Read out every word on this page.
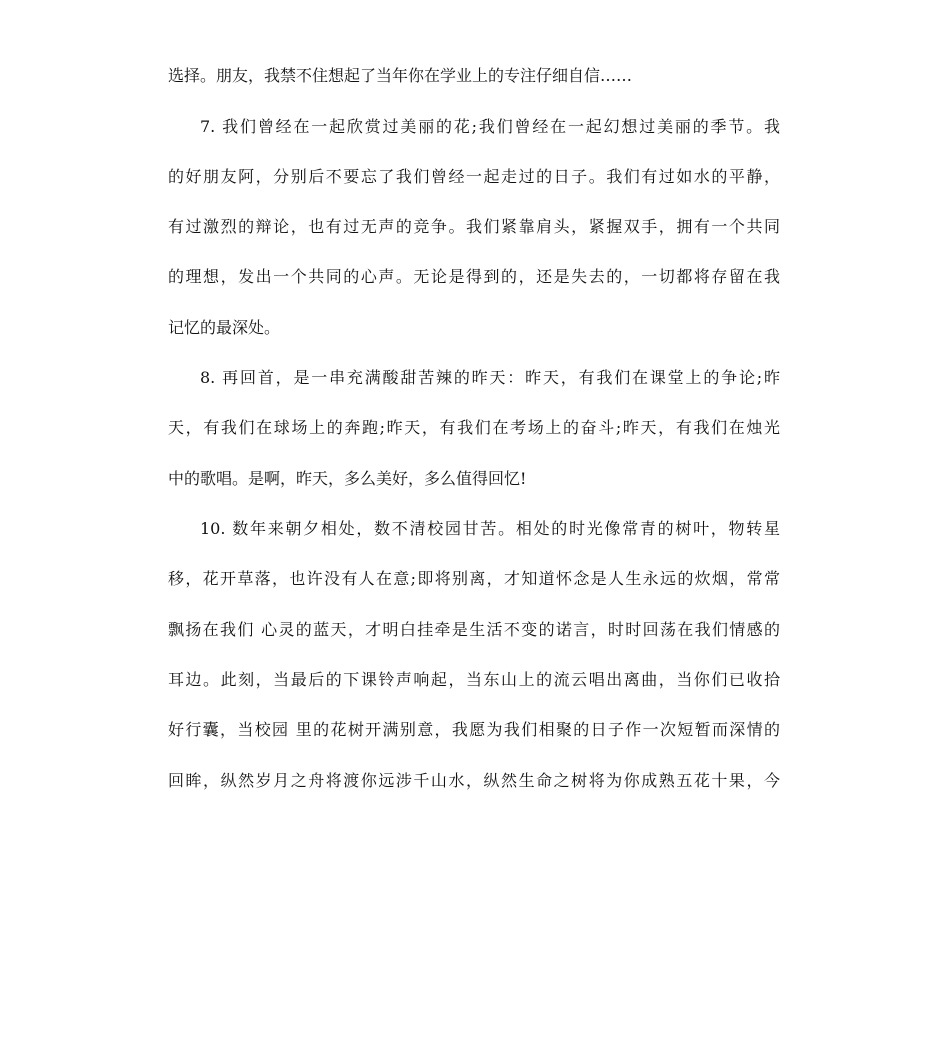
选择。朋友，我禁不住想起了当年你在学业上的专注仔细自信……
7. 我们曾经在一起欣赏过美丽的花;我们曾经在一起幻想过美丽的季节。我
的好朋友阿，分别后不要忘了我们曾经一起走过的日子。我们有过如水的平静，
有过激烈的辩论，也有过无声的竞争。我们紧靠肩头，紧握双手，拥有一个共同
的理想，发出一个共同的心声。无论是得到的，还是失去的，一切都将存留在我
记忆的最深处。
8. 再回首，是一串充满酸甜苦辣的昨天：昨天，有我们在课堂上的争论;昨
天，有我们在球场上的奔跑;昨天，有我们在考场上的奋斗;昨天，有我们在烛光
中的歌唱。是啊，昨天，多么美好，多么值得回忆!
10. 数年来朝夕相处，数不清校园甘苦。相处的时光像常青的树叶，物转星
移，花开草落，也许没有人在意;即将别离，才知道怀念是人生永远的炊烟，常常
飘扬在我们 心灵的蓝天，才明白挂牵是生活不变的诺言，时时回荡在我们情感的
耳边。此刻，当最后的下课铃声响起，当东山上的流云唱出离曲，当你们已收拾
好行囊，当校园 里的花树开满别意，我愿为我们相聚的日子作一次短暂而深情的
回眸，纵然岁月之舟将渡你远涉千山水，纵然生命之树将为你成熟五花十果，今
